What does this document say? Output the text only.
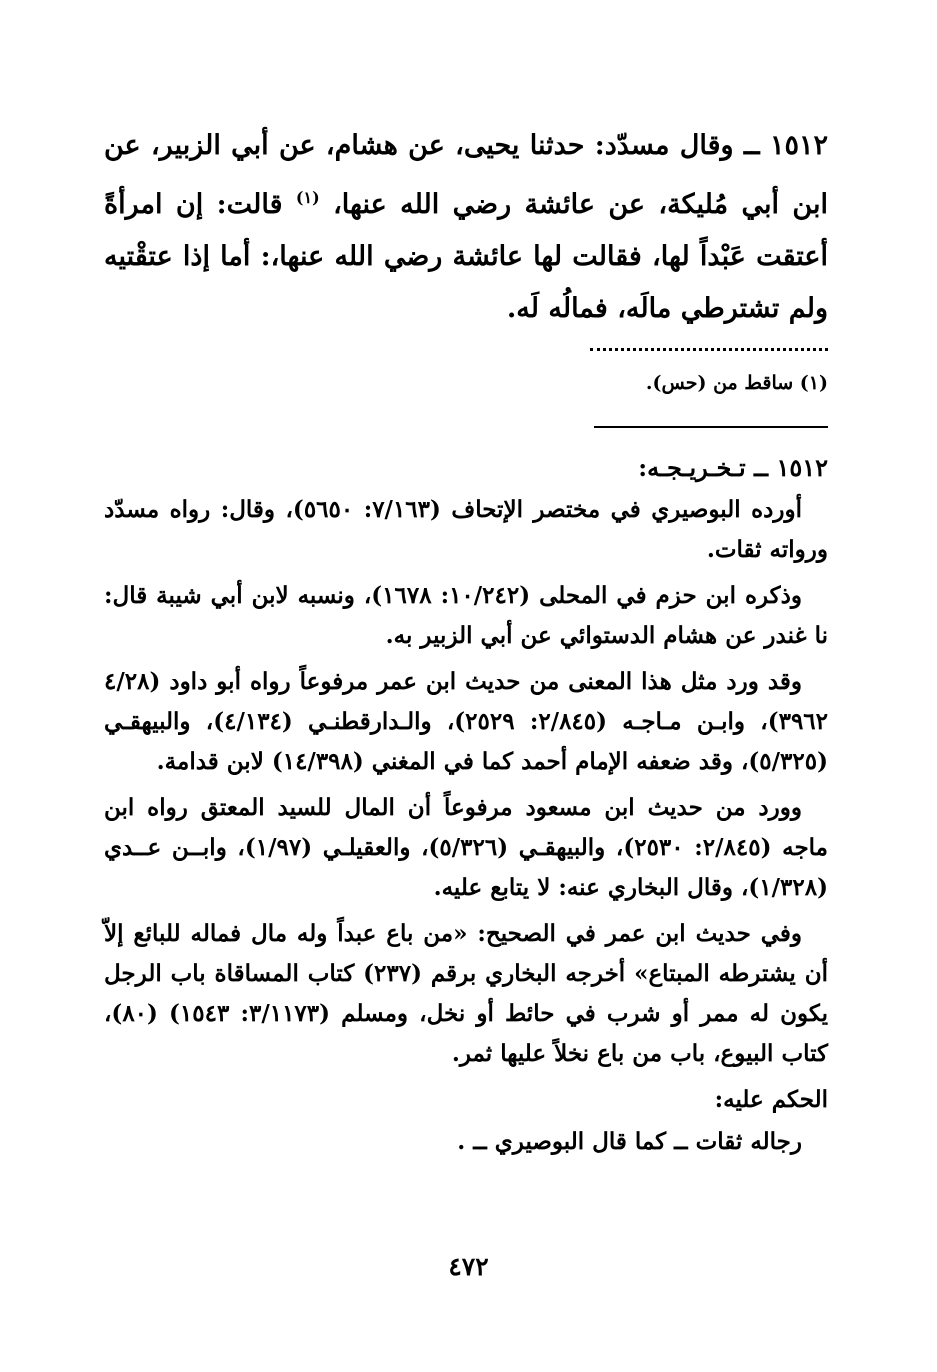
١٥١٢ ــ وقال مسدّد: حدثنا يحيى، عن هشام، عن أبي الزبير، عن ابن أبي مُليكة، عن عائشة رضي الله عنها، $^{(١)}$ قالت: إن امرأةً أعتقت عَبْداً لها، فقالت لها عائشة رضي الله عنها،: أما إذا عتقْتيه ولم تشترطي مالَه، فمالُه لَه.

(١) ساقط من (حس).
١٥١٢ ــ تـخـريـجـه:

أورده البوصيري في مختصر الإتحاف (٧/١٦٣: ٥٦٥٠)، وقال: رواه مسدّد ورواته ثقات.

وذكره ابن حزم في المحلى (١٠/٢٤٢: ١٦٧٨)، ونسبه لابن أبي شيبة قال: نا غندر عن هشام الدستوائي عن أبي الزبير به.

وقد ورد مثل هذا المعنى من حديث ابن عمر مرفوعاً رواه أبو داود (٤/٢٨ ٣٩٦٢)، وابـن مـاجـه (٢/٨٤٥: ٢٥٢٩)، والـدارقطنـي (٤/١٣٤)، والبيهقـي (٥/٣٢٥)، وقد ضعفه الإمام أحمد كما في المغني (١٤/٣٩٨) لابن قدامة.

وورد من حديث ابن مسعود مرفوعاً أن المال للسيد المعتق رواه ابن ماجه (٢/٨٤٥: ٢٥٣٠)، والبيهقـي (٥/٣٢٦)، والعقيلـي (١/٩٧)، وابــن عــدي (١/٣٢٨)، وقال البخاري عنه: لا يتابع عليه.

وفي حديث ابن عمر في الصحيح: «من باع عبداً وله مال فماله للبائع إلاّ أن يشترطه المبتاع» أخرجه البخاري برقم (٢٣٧) كتاب المساقاة باب الرجل يكون له ممر أو شرب في حائط أو نخل، ومسلم (٣/١١٧٣: ١٥٤٣) (٨٠)، كتاب البيوع، باب من باع نخلاً عليها ثمر.

الحكم عليه:

رجاله ثقات ــ كما قال البوصيري ــ .

٤٧٢
